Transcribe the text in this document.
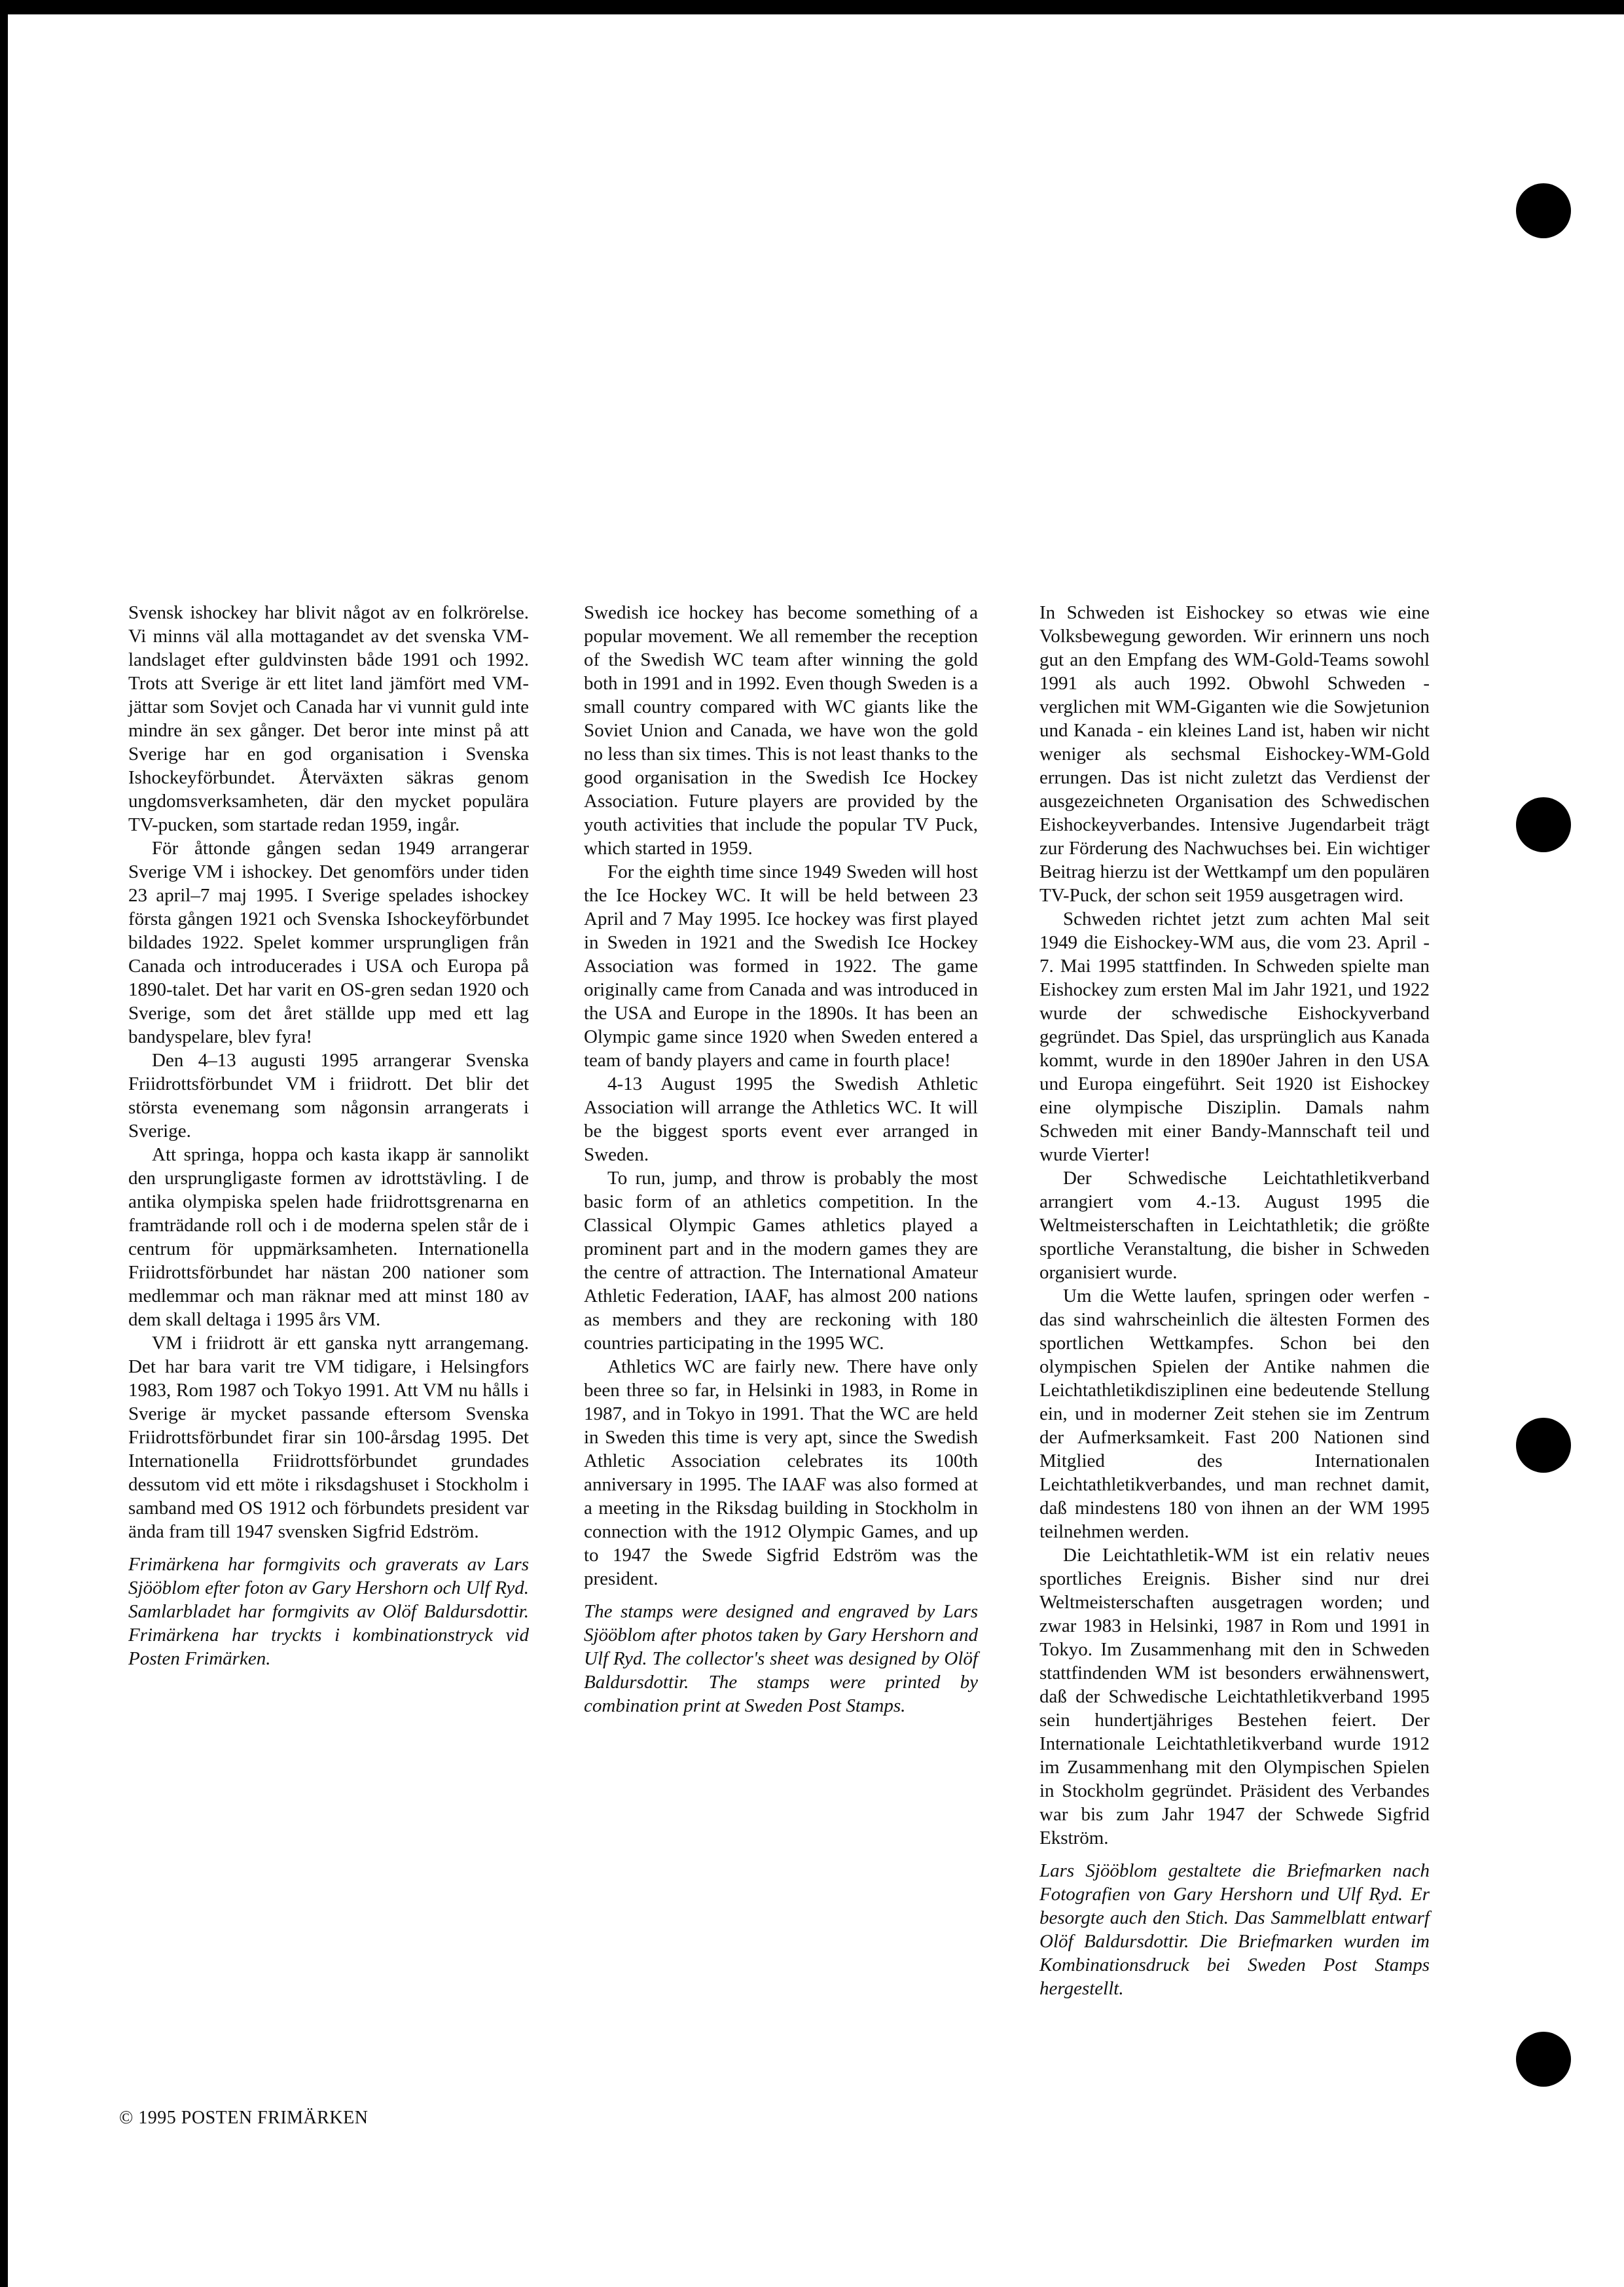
Svensk ishockey har blivit något av en folkrörelse. Vi minns väl alla mottagandet av det svenska VM-landslaget efter guldvinsten både 1991 och 1992. Trots att Sverige är ett litet land jämfört med VM-jättar som Sovjet och Canada har vi vunnit guld inte mindre än sex gånger. Det beror inte minst på att Sverige har en god organisation i Svenska Ishockeyförbundet. Återväxten säkras genom ungdomsverksamheten, där den mycket populära TV-pucken, som startade redan 1959, ingår.

För åttonde gången sedan 1949 arrangerar Sverige VM i ishockey. Det genomförs under tiden 23 april–7 maj 1995. I Sverige spelades ishockey första gången 1921 och Svenska Ishockeyförbundet bildades 1922. Spelet kommer ursprungligen från Canada och introducerades i USA och Europa på 1890-talet. Det har varit en OS-gren sedan 1920 och Sverige, som det året ställde upp med ett lag bandyspelare, blev fyra!

Den 4–13 augusti 1995 arrangerar Svenska Friidrottsförbundet VM i friidrott. Det blir det största evenemang som någonsin arrangerats i Sverige.

Att springa, hoppa och kasta ikapp är sannolikt den ursprungligaste formen av idrottstävling. I de antika olympiska spelen hade friidrottsgrenarna en framträdande roll och i de moderna spelen står de i centrum för uppmärksamheten. Internationella Friidrottsförbundet har nästan 200 nationer som medlemmar och man räknar med att minst 180 av dem skall deltaga i 1995 års VM.

VM i friidrott är ett ganska nytt arrangemang. Det har bara varit tre VM tidigare, i Helsingfors 1983, Rom 1987 och Tokyo 1991. Att VM nu hålls i Sverige är mycket passande eftersom Svenska Friidrottsförbundet firar sin 100-årsdag 1995. Det Internationella Friidrottsförbundet grundades dessutom vid ett möte i riksdagshuset i Stockholm i samband med OS 1912 och förbundets president var ända fram till 1947 svensken Sigfrid Edström.

Frimärkena har formgivits och graverats av Lars Sjööblom efter foton av Gary Hershorn och Ulf Ryd. Samlarbladet har formgivits av Olöf Baldursdottir. Frimärkena har tryckts i kombinationstryck vid Posten Frimärken.

Swedish ice hockey has become something of a popular movement. We all remember the reception of the Swedish WC team after winning the gold both in 1991 and in 1992. Even though Sweden is a small country compared with WC giants like the Soviet Union and Canada, we have won the gold no less than six times. This is not least thanks to the good organisation in the Swedish Ice Hockey Association. Future players are provided by the youth activities that include the popular TV Puck, which started in 1959.

For the eighth time since 1949 Sweden will host the Ice Hockey WC. It will be held between 23 April and 7 May 1995. Ice hockey was first played in Sweden in 1921 and the Swedish Ice Hockey Association was formed in 1922. The game originally came from Canada and was introduced in the USA and Europe in the 1890s. It has been an Olympic game since 1920 when Sweden entered a team of bandy players and came in fourth place!

4-13 August 1995 the Swedish Athletic Association will arrange the Athletics WC. It will be the biggest sports event ever arranged in Sweden.

To run, jump, and throw is probably the most basic form of an athletics competition. In the Classical Olympic Games athletics played a prominent part and in the modern games they are the centre of attraction. The International Amateur Athletic Federation, IAAF, has almost 200 nations as members and they are reckoning with 180 countries participating in the 1995 WC.

Athletics WC are fairly new. There have only been three so far, in Helsinki in 1983, in Rome in 1987, and in Tokyo in 1991. That the WC are held in Sweden this time is very apt, since the Swedish Athletic Association celebrates its 100th anniversary in 1995. The IAAF was also formed at a meeting in the Riksdag building in Stockholm in connection with the 1912 Olympic Games, and up to 1947 the Swede Sigfrid Edström was the president.

The stamps were designed and engraved by Lars Sjööblom after photos taken by Gary Hershorn and Ulf Ryd. The collector's sheet was designed by Olöf Baldursdottir. The stamps were printed by combination print at Sweden Post Stamps.

In Schweden ist Eishockey so etwas wie eine Volksbewegung geworden. Wir erinnern uns noch gut an den Empfang des WM-Gold-Teams sowohl 1991 als auch 1992. Obwohl Schweden - verglichen mit WM-Giganten wie die Sowjetunion und Kanada - ein kleines Land ist, haben wir nicht weniger als sechsmal Eishockey-WM-Gold errungen. Das ist nicht zuletzt das Verdienst der ausgezeichneten Organisation des Schwedischen Eishockeyverbandes. Intensive Jugendarbeit trägt zur Förderung des Nachwuchses bei. Ein wichtiger Beitrag hierzu ist der Wettkampf um den populären TV-Puck, der schon seit 1959 ausgetragen wird.

Schweden richtet jetzt zum achten Mal seit 1949 die Eishockey-WM aus, die vom 23. April - 7. Mai 1995 stattfinden. In Schweden spielte man Eishockey zum ersten Mal im Jahr 1921, und 1922 wurde der schwedische Eishockyverband gegründet. Das Spiel, das ursprünglich aus Kanada kommt, wurde in den 1890er Jahren in den USA und Europa eingeführt. Seit 1920 ist Eishockey eine olympische Disziplin. Damals nahm Schweden mit einer Bandy-Mannschaft teil und wurde Vierter!

Der Schwedische Leichtathletikverband arrangiert vom 4.-13. August 1995 die Weltmeisterschaften in Leichtathletik; die größte sportliche Veranstaltung, die bisher in Schweden organisiert wurde.

Um die Wette laufen, springen oder werfen - das sind wahrscheinlich die ältesten Formen des sportlichen Wettkampfes. Schon bei den olympischen Spielen der Antike nahmen die Leichtathletikdisziplinen eine bedeutende Stellung ein, und in moderner Zeit stehen sie im Zentrum der Aufmerksamkeit. Fast 200 Nationen sind Mitglied des Internationalen Leichtathletikverbandes, und man rechnet damit, daß mindestens 180 von ihnen an der WM 1995 teilnehmen werden.

Die Leichtathletik-WM ist ein relativ neues sportliches Ereignis. Bisher sind nur drei Weltmeisterschaften ausgetragen worden; und zwar 1983 in Helsinki, 1987 in Rom und 1991 in Tokyo. Im Zusammenhang mit den in Schweden stattfindenden WM ist besonders erwähnenswert, daß der Schwedische Leichtathletikverband 1995 sein hundertjähriges Bestehen feiert. Der Internationale Leichtathletikverband wurde 1912 im Zusammenhang mit den Olympischen Spielen in Stockholm gegründet. Präsident des Verbandes war bis zum Jahr 1947 der Schwede Sigfrid Ekström.

Lars Sjööblom gestaltete die Briefmarken nach Fotografien von Gary Hershorn und Ulf Ryd. Er besorgte auch den Stich. Das Sammelblatt entwarf Olöf Baldursdottir. Die Briefmarken wurden im Kombinationsdruck bei Sweden Post Stamps hergestellt.

© 1995 POSTEN FRIMÄRKEN
